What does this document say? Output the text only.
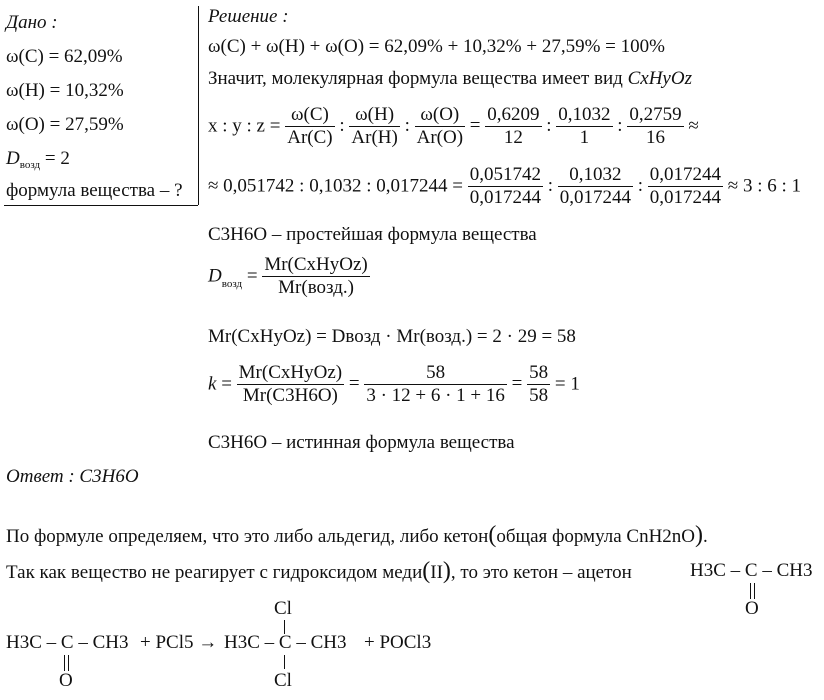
Дано :
ω(C) = 62,09%
ω(H) = 10,32%
ω(O) = 27,59%
$D_{возд} = 2$
формула вещества – ?
Решение :
ω(C) + ω(H) + ω(O) = 62,09% + 10,32% + 27,59% = 100%
Значит, молекулярная формула вещества имеет вид CxHyOz
x : y : $z = \frac{\omega(C)}{Ar(C)}$ : $\frac{\omega(H)}{Ar(H)}$ : $\frac{\omega(O)}{Ar(O)} = \frac{0,6209}{12}$ : $\frac{0,1032}{1}$ : $\frac{0,2759}{16}$ ≈
≈ 0,051742 : 0,1032 : $0,017244 = \frac{0,051742}{0,017244}$ : $\frac{0,1032}{0,017244}$ : $\frac{0,017244}{0,017244} \approx 3$ : 6 : 1
C3H6O – простейшая формула вещества
$D_{возд} = \frac{\text{Mr(CxHyOz)}}{\text{Mr(возд.)}}$
Mr(CxHyOz) = Dвозд · Mr(возд.) = 2 · 29 = 58
$k = \frac{\text{Mr(CxHyOz)}}{Mr(C3H6O)} = \frac{58}{3 \cdot 12 + 6 \cdot 1 + 16} = \frac{58}{58} = 1$
C3H6O – истинная формула вещества
Ответ : C3H6O
По формуле определяем, что это либо альдегид, либо кетон(общая формула CnH2nO).
Так как вещество не реагирует с гидроксидом меди(II), то это кетон – ацетон	H3C – C – CH3
O
H3C – C – CH3
O
+ PCl5 →
Cl
H3C – C – CH3
Cl
+ POCl3
